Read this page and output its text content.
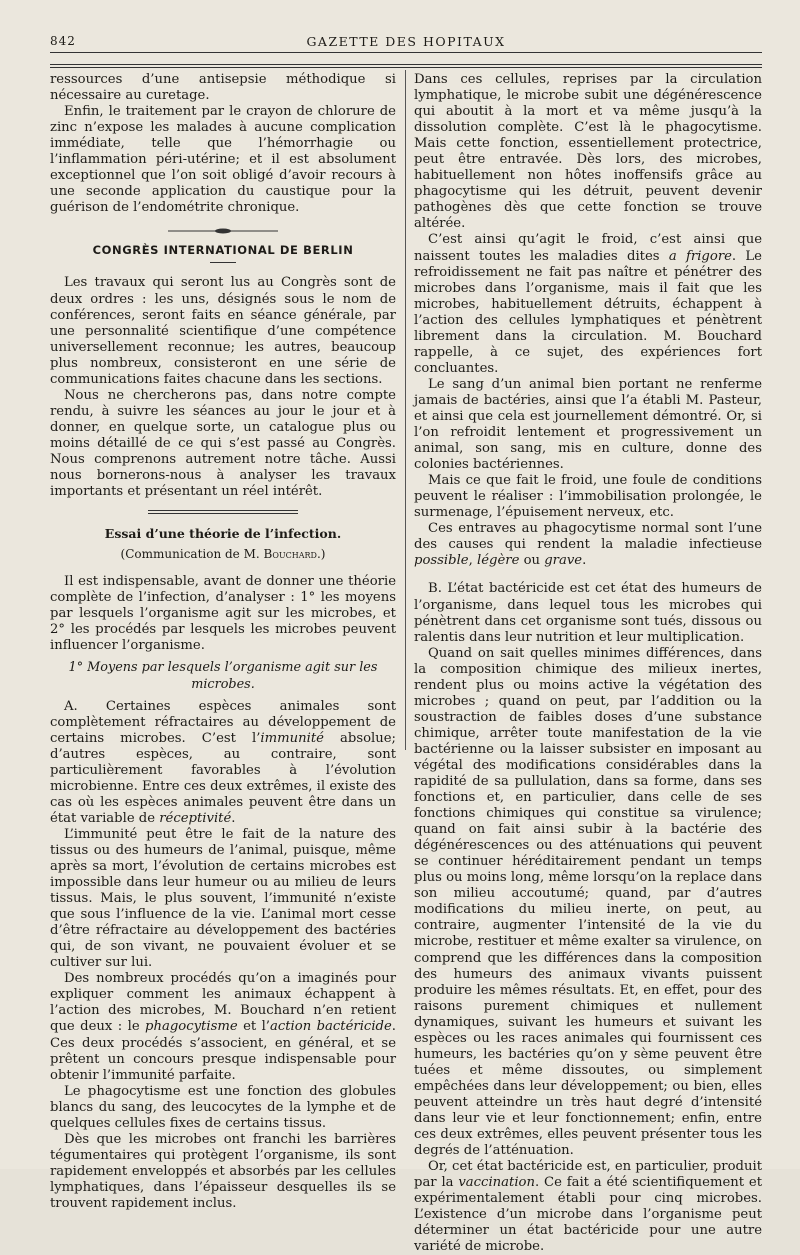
842	GAZETTE DES HOPITAUX

ressources d’une antisepsie méthodique si nécessaire au curetage.

Enfin, le traitement par le crayon de chlorure de zinc n’expose les malades à aucune complication immédiate, telle que l’hémorrhagie ou l’inflammation péri-utérine; et il est absolument exceptionnel que l’on soit obligé d’avoir recours à une seconde application du caustique pour la guérison de l’endométrite chronique.

CONGRÈS INTERNATIONAL DE BERLIN

Les travaux qui seront lus au Congrès sont de deux ordres : les uns, désignés sous le nom de conférences, seront faits en séance générale, par une personnalité scientifique d’une compétence universellement reconnue; les autres, beaucoup plus nombreux, consisteront en une série de communications faites chacune dans les sections.

Nous ne chercherons pas, dans notre compte rendu, à suivre les séances au jour le jour et à donner, en quelque sorte, un catalogue plus ou moins détaillé de ce qui s’est passé au Congrès. Nous comprenons autrement notre tâche. Aussi nous bornerons-nous à analyser les travaux importants et présentant un réel intérêt.

Essai d’une théorie de l’infection.
(Communication de M. Bouchard.)

Il est indispensable, avant de donner une théorie complète de l’infection, d’analyser : 1° les moyens par lesquels l’organisme agit sur les microbes, et 2° les procédés par lesquels les microbes peuvent influencer l’organisme.

1° Moyens par lesquels l’organisme agit sur les microbes.

A. Certaines espèces animales sont complètement réfractaires au développement de certains microbes. C’est l’immunité absolue; d’autres espèces, au contraire, sont particulièrement favorables à l’évolution microbienne. Entre ces deux extrêmes, il existe des cas où les espèces animales peuvent être dans un état variable de réceptivité.

L’immunité peut être le fait de la nature des tissus ou des humeurs de l’animal, puisque, même après sa mort, l’évolution de certains microbes est impossible dans leur humeur ou au milieu de leurs tissus. Mais, le plus souvent, l’immunité n’existe que sous l’influence de la vie. L’animal mort cesse d’être réfractaire au développement des bactéries qui, de son vivant, ne pouvaient évoluer et se cultiver sur lui.

Des nombreux procédés qu’on a imaginés pour expliquer comment les animaux échappent à l’action des microbes, M. Bouchard n’en retient que deux : le phagocytisme et l’action bactéricide. Ces deux procédés s’associent, en général, et se prêtent un concours presque indispensable pour obtenir l’immunité parfaite.

Le phagocytisme est une fonction des globules blancs du sang, des leucocytes de la lymphe et de quelques cellules fixes de certains tissus.

Dès que les microbes ont franchi les barrières tégumentaires qui protègent l’organisme, ils sont rapidement enveloppés et absorbés par les cellules lymphatiques, dans l’épaisseur desquelles ils se trouvent rapidement inclus.

Dans ces cellules, reprises par la circulation lymphatique, le microbe subit une dégénérescence qui aboutit à la mort et va même jusqu’à la dissolution complète. C’est là le phagocytisme. Mais cette fonction, essentiellement protectrice, peut être entravée. Dès lors, des microbes, habituellement non hôtes inoffensifs grâce au phagocytisme qui les détruit, peuvent devenir pathogènes dès que cette fonction se trouve altérée.

C’est ainsi qu’agit le froid, c’est ainsi que naissent toutes les maladies dites a frigore. Le refroidissement ne fait pas naître et pénétrer des microbes dans l’organisme, mais il fait que les microbes, habituellement détruits, échappent à l’action des cellules lymphatiques et pénètrent librement dans la circulation. M. Bouchard rappelle, à ce sujet, des expériences fort concluantes.

Le sang d’un animal bien portant ne renferme jamais de bactéries, ainsi que l’a établi M. Pasteur, et ainsi que cela est journellement démontré. Or, si l’on refroidit lentement et progressivement un animal, son sang, mis en culture, donne des colonies bactériennes.

Mais ce que fait le froid, une foule de conditions peuvent le réaliser : l’immobilisation prolongée, le surmenage, l’épuisement nerveux, etc.

Ces entraves au phagocytisme normal sont l’une des causes qui rendent la maladie infectieuse possible, légère ou grave.

B. L’état bactéricide est cet état des humeurs de l’organisme, dans lequel tous les microbes qui pénètrent dans cet organisme sont tués, dissous ou ralentis dans leur nutrition et leur multiplication.

Quand on sait quelles minimes différences, dans la composition chimique des milieux inertes, rendent plus ou moins active la végétation des microbes ; quand on peut, par l’addition ou la soustraction de faibles doses d’une substance chimique, arrêter toute manifestation de la vie bactérienne ou la laisser subsister en imposant au végétal des modifications considérables dans la rapidité de sa pullulation, dans sa forme, dans ses fonctions et, en particulier, dans celle de ses fonctions chimiques qui constitue sa virulence; quand on fait ainsi subir à la bactérie des dégénérescences ou des atténuations qui peuvent se continuer héréditairement pendant un temps plus ou moins long, même lorsqu’on la replace dans son milieu accoutumé; quand, par d’autres modifications du milieu inerte, on peut, au contraire, augmenter l’intensité de la vie du microbe, restituer et même exalter sa virulence, on comprend que les différences dans la composition des humeurs des animaux vivants puissent produire les mêmes résultats. Et, en effet, pour des raisons purement chimiques et nullement dynamiques, suivant les humeurs et suivant les espèces ou les races animales qui fournissent ces humeurs, les bactéries qu’on y sème peuvent être tuées et même dissoutes, ou simplement empêchées dans leur développement; ou bien, elles peuvent atteindre un très haut degré d’intensité dans leur vie et leur fonctionnement; enfin, entre ces deux extrêmes, elles peuvent présenter tous les degrés de l’atténuation.

Or, cet état bactéricide est, en particulier, produit par la vaccination. Ce fait a été scientifiquement et expérimentalement établi pour cinq microbes. L’existence d’un microbe dans l’organisme peut déterminer un état bactéricide pour une autre variété de microbe.
